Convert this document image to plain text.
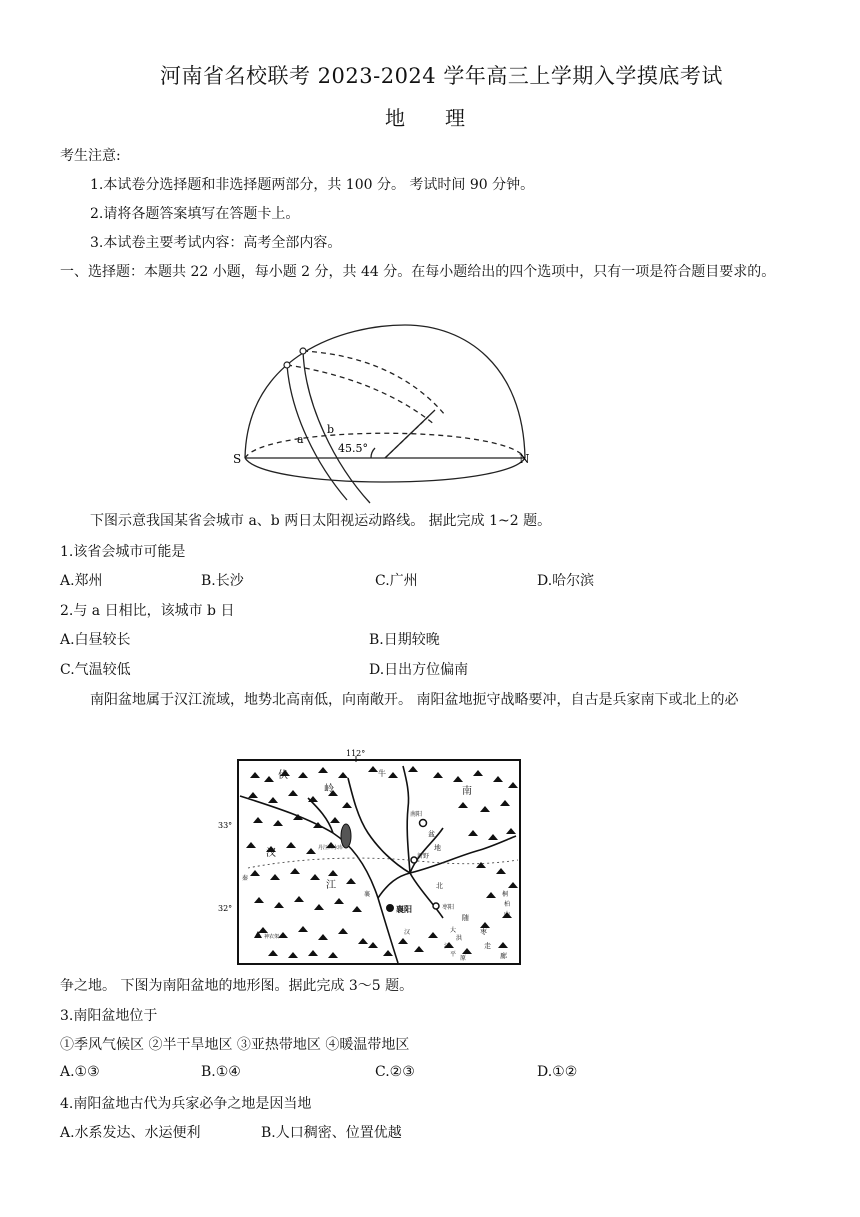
河南省名校联考 2023-2024 学年高三上学期入学摸底考试
地　　理
考生注意:
1.本试卷分选择题和非选择题两部分，共 100 分。 考试时间 90 分钟。
2.请将各题答案填写在答题卡上。
3.本试卷主要考试内容：高考全部内容。
一、选择题：本题共 22 小题，每小题 2 分，共 44 分。在每小题给出的四个选项中，只有一项是符合题目要求的。
S	N
a
b
45.5°
下图示意我国某省会城市 a、b 两日太阳视运动路线。 据此完成 1~2 题。
1.该省会城市可能是
A.郑州	B.长沙	C.广州	D.哈尔滨
2.与 a 日相比，该城市 b 日
A.白昼较长	B.日期较晚
C.气温较低	D.日出方位偏南
南阳盆地属于汉江流域，地势北高南低，向南敞开。 南阳盆地扼守战略要冲，自古是兵家南下或北上的必
112°
33°
32°
伏	牛
岭	南
南阳
盆
地
汉	丹江口水库
新野
江
襄阳	枣阳
北
随
枣
走
廊
桐
柏
山
大
洪
神农架
江
汉
平
原
秦
襄
争之地。 下图为南阳盆地的地形图。据此完成 3～5 题。
3.南阳盆地位于
①季风气候区 ②半干旱地区 ③亚热带地区 ④暖温带地区
A.①③	B.①④	C.②③	D.①②
4.南阳盆地古代为兵家必争之地是因当地
A.水系发达、水运便利	B.人口稠密、位置优越
